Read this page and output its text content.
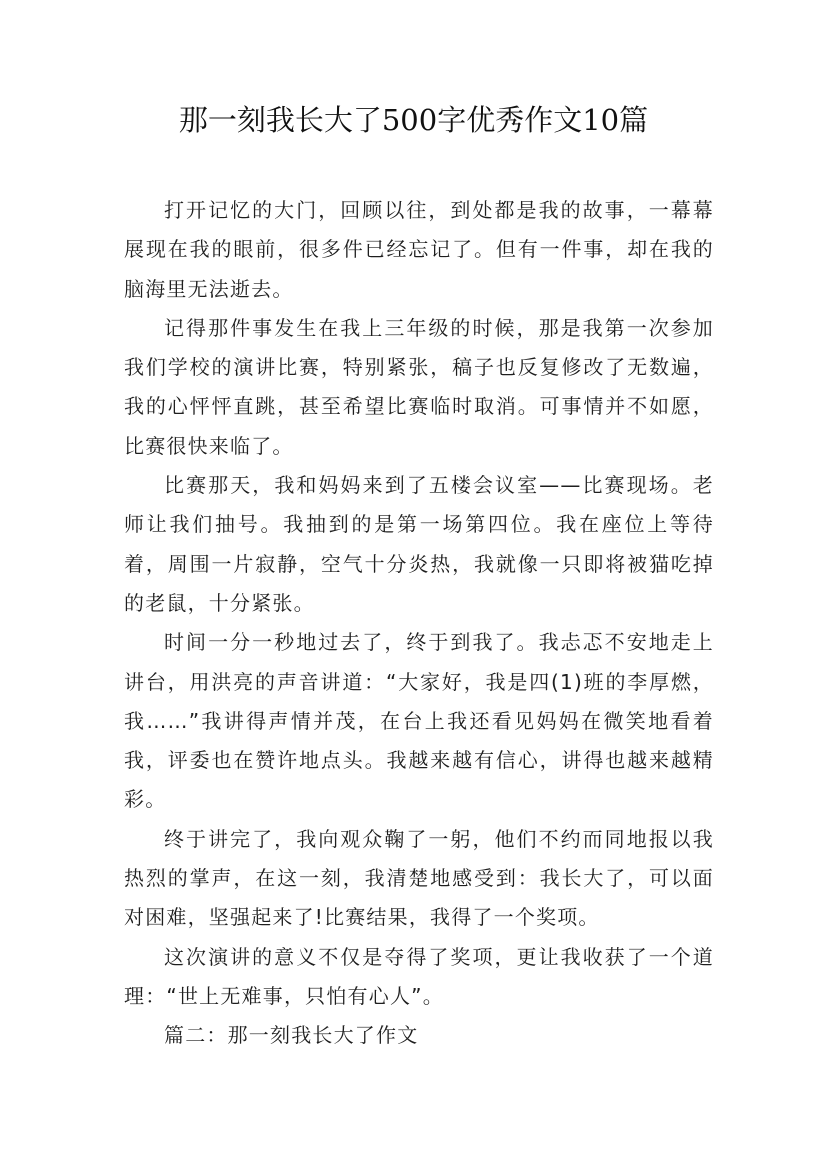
那一刻我长大了500字优秀作文10篇

打开记忆的大门，回顾以往，到处都是我的故事，一幕幕展现在我的眼前，很多件已经忘记了。但有一件事，却在我的脑海里无法逝去。

记得那件事发生在我上三年级的时候，那是我第一次参加我们学校的演讲比赛，特别紧张，稿子也反复修改了无数遍，我的心怦怦直跳，甚至希望比赛临时取消。可事情并不如愿，比赛很快来临了。

比赛那天，我和妈妈来到了五楼会议室——比赛现场。老师让我们抽号。我抽到的是第一场第四位。我在座位上等待着，周围一片寂静，空气十分炎热，我就像一只即将被猫吃掉的老鼠，十分紧张。

时间一分一秒地过去了，终于到我了。我忐忑不安地走上讲台，用洪亮的声音讲道：“大家好，我是四(1)班的李厚燃，我……”我讲得声情并茂，在台上我还看见妈妈在微笑地看着我，评委也在赞许地点头。我越来越有信心，讲得也越来越精彩。

终于讲完了，我向观众鞠了一躬，他们不约而同地报以我热烈的掌声，在这一刻，我清楚地感受到：我长大了，可以面对困难，坚强起来了!比赛结果，我得了一个奖项。

这次演讲的意义不仅是夺得了奖项，更让我收获了一个道理：“世上无难事，只怕有心人”。

篇二：那一刻我长大了作文
